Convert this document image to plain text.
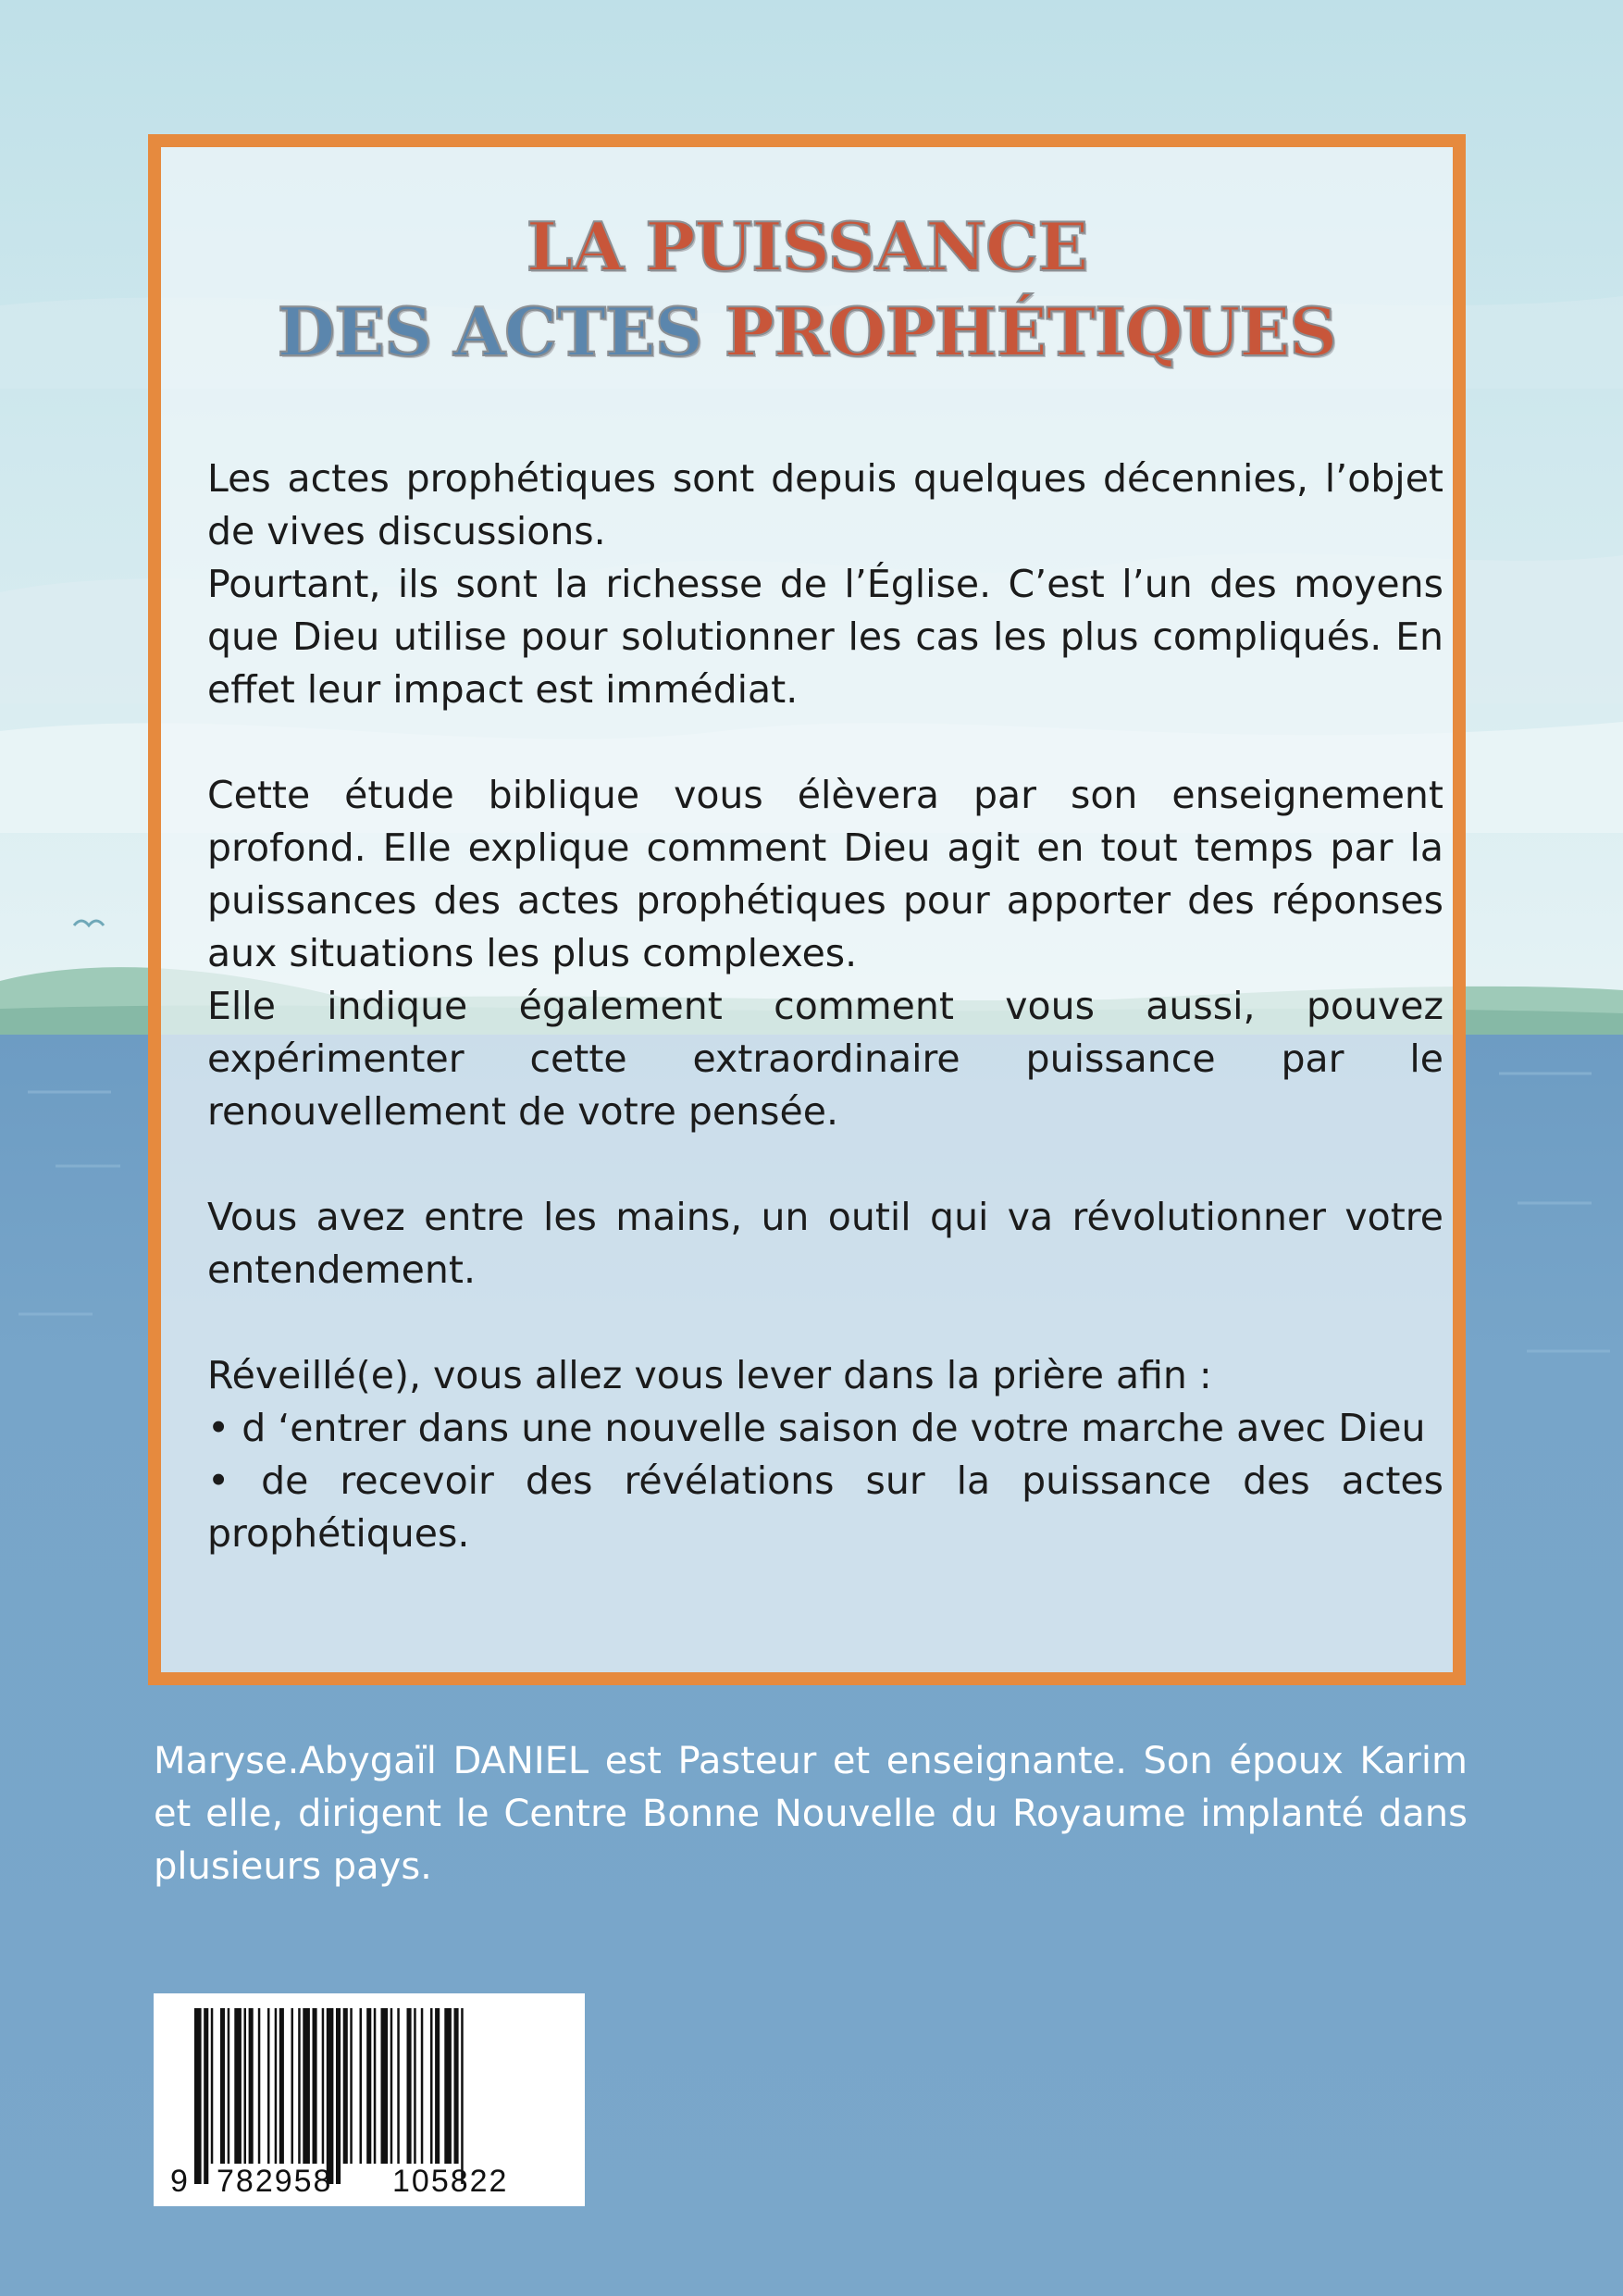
LA PUISSANCE
DES ACTES PROPHÉTIQUES

Les actes prophétiques sont depuis quelques décennies, l’objet de vives discussions.

Pourtant, ils sont la richesse de l’Église. C’est l’un des moyens que Dieu utilise pour solutionner les cas les plus compliqués. En effet leur impact est immédiat.

Cette étude biblique vous élèvera par son enseignement profond. Elle explique comment Dieu agit en tout temps par la puissances des actes prophétiques pour apporter des réponses aux situations les plus complexes.

Elle indique également comment vous aussi, pouvez expérimenter cette extraordinaire puissance par le renouvellement de votre pensée.

Vous avez entre les mains, un outil qui va révolutionner votre entendement.

Réveillé(e), vous allez vous lever dans la prière afin :

• d ‘entrer dans une nouvelle saison de votre marche avec Dieu

• de recevoir des révélations sur la puissance des actes prophétiques.

Maryse.Abygaïl DANIEL est Pasteur et enseignante. Son époux Karim et elle, dirigent le Centre Bonne Nouvelle du Royaume implanté dans plusieurs pays.

9 782958 105822
